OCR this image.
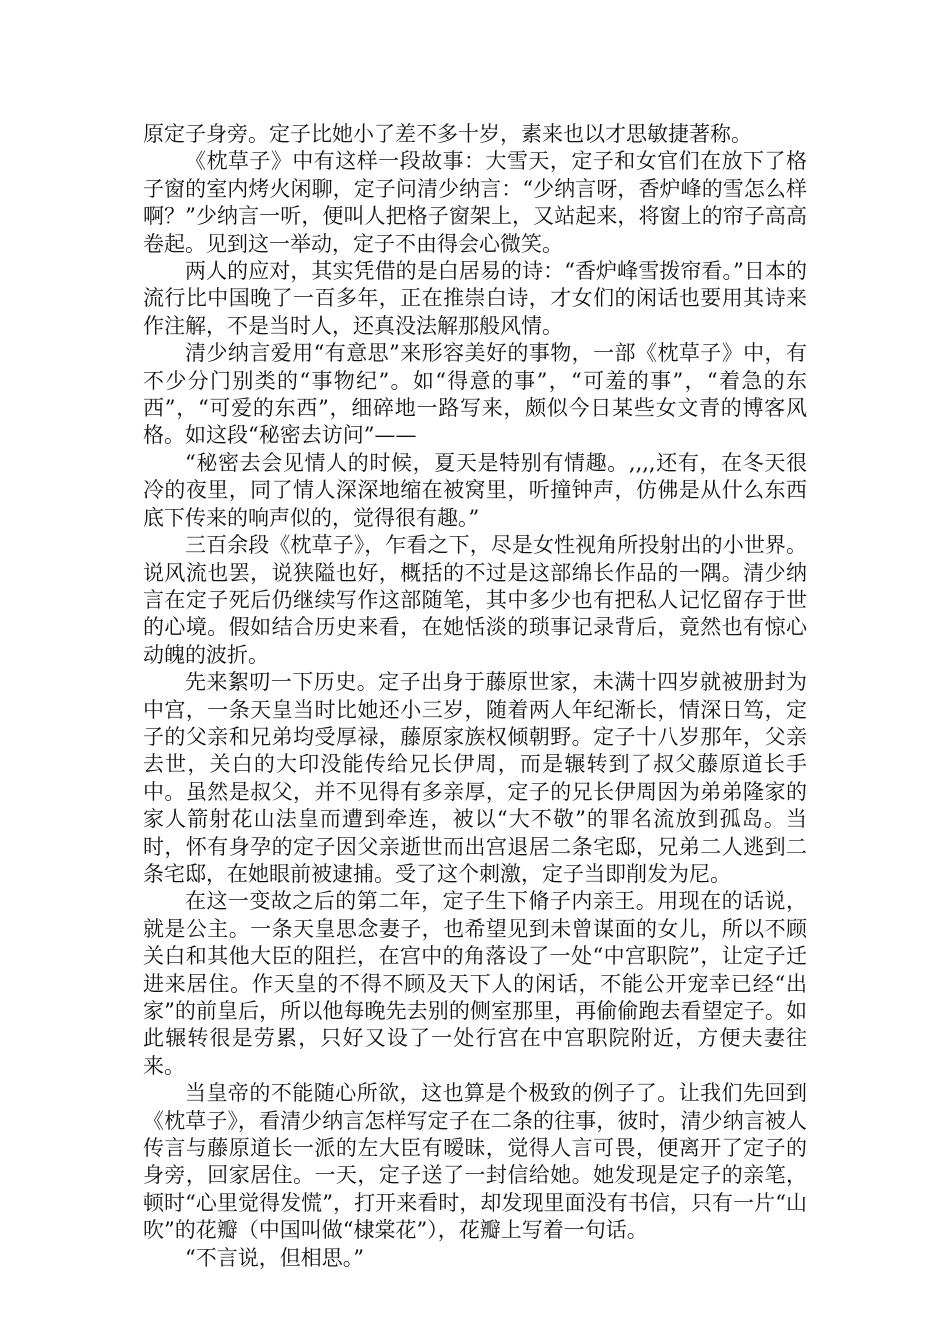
原定子身旁。定子比她小了差不多十岁，素来也以才思敏捷著称。

《枕草子》中有这样一段故事：大雪天，定子和女官们在放下了格子窗的室内烤火闲聊，定子问清少纳言：“少纳言呀，香炉峰的雪怎么样啊？”少纳言一听，便叫人把格子窗架上，又站起来，将窗上的帘子高高卷起。见到这一举动，定子不由得会心微笑。

两人的应对，其实凭借的是白居易的诗：“香炉峰雪拨帘看。”日本的流行比中国晚了一百多年，正在推崇白诗，才女们的闲话也要用其诗来作注解，不是当时人，还真没法解那般风情。

清少纳言爱用“有意思”来形容美好的事物，一部《枕草子》中，有不少分门别类的“事物纪”。如“得意的事”，“可羞的事”，“着急的东西”，“可爱的东西”，细碎地一路写来，颇似今日某些女文青的博客风格。如这段“秘密去访问”——

“秘密去会见情人的时候，夏天是特别有情趣。,,,,还有，在冬天很冷的夜里，同了情人深深地缩在被窝里，听撞钟声，仿佛是从什么东西底下传来的响声似的，觉得很有趣。”

三百余段《枕草子》，乍看之下，尽是女性视角所投射出的小世界。说风流也罢，说狭隘也好，概括的不过是这部绵长作品的一隅。清少纳言在定子死后仍继续写作这部随笔，其中多少也有把私人记忆留存于世的心境。假如结合历史来看，在她恬淡的琐事记录背后，竟然也有惊心动魄的波折。

先来絮叨一下历史。定子出身于藤原世家，未满十四岁就被册封为中宫，一条天皇当时比她还小三岁，随着两人年纪渐长，情深日笃，定子的父亲和兄弟均受厚禄，藤原家族权倾朝野。定子十八岁那年，父亲去世，关白的大印没能传给兄长伊周，而是辗转到了叔父藤原道长手中。虽然是叔父，并不见得有多亲厚，定子的兄长伊周因为弟弟隆家的家人箭射花山法皇而遭到牵连，被以“大不敬”的罪名流放到孤岛。当时，怀有身孕的定子因父亲逝世而出宫退居二条宅邸，兄弟二人逃到二条宅邸，在她眼前被逮捕。受了这个刺激，定子当即削发为尼。

在这一变故之后的第二年，定子生下脩子内亲王。用现在的话说，就是公主。一条天皇思念妻子，也希望见到未曾谋面的女儿，所以不顾关白和其他大臣的阻拦，在宫中的角落设了一处“中宫职院”，让定子迁进来居住。作天皇的不得不顾及天下人的闲话，不能公开宠幸已经“出家”的前皇后，所以他每晚先去别的侧室那里，再偷偷跑去看望定子。如此辗转很是劳累，只好又设了一处行宫在中宫职院附近，方便夫妻往来。

当皇帝的不能随心所欲，这也算是个极致的例子了。让我们先回到《枕草子》，看清少纳言怎样写定子在二条的往事，彼时，清少纳言被人传言与藤原道长一派的左大臣有暧昧，觉得人言可畏，便离开了定子的身旁，回家居住。一天，定子送了一封信给她。她发现是定子的亲笔，顿时“心里觉得发慌”，打开来看时，却发现里面没有书信，只有一片“山吹”的花瓣（中国叫做“棣棠花”），花瓣上写着一句话。

“不言说，但相思。”
